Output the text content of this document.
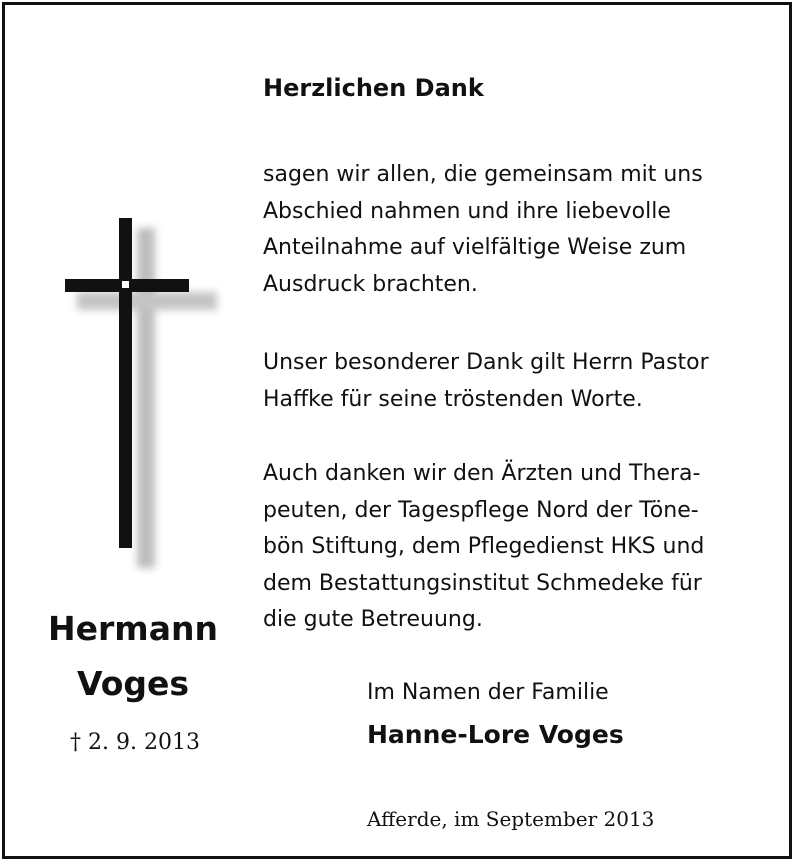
Hermann
Voges
† 2. 9. 2013
Herzlichen Dank
sagen wir allen, die gemeinsam mit uns
Abschied nahmen und ihre liebevolle
Anteilnahme auf vielfältige Weise zum
Ausdruck brachten.
Unser besonderer Dank gilt Herrn Pastor
Haffke für seine tröstenden Worte.
Auch danken wir den Ärzten und Thera-
peuten, der Tagespflege Nord der Töne-
bön Stiftung, dem Pflegedienst HKS und
dem Bestattungsinstitut Schmedeke für
die gute Betreuung.
Im Namen der Familie
Hanne-Lore Voges
Afferde, im September 2013
